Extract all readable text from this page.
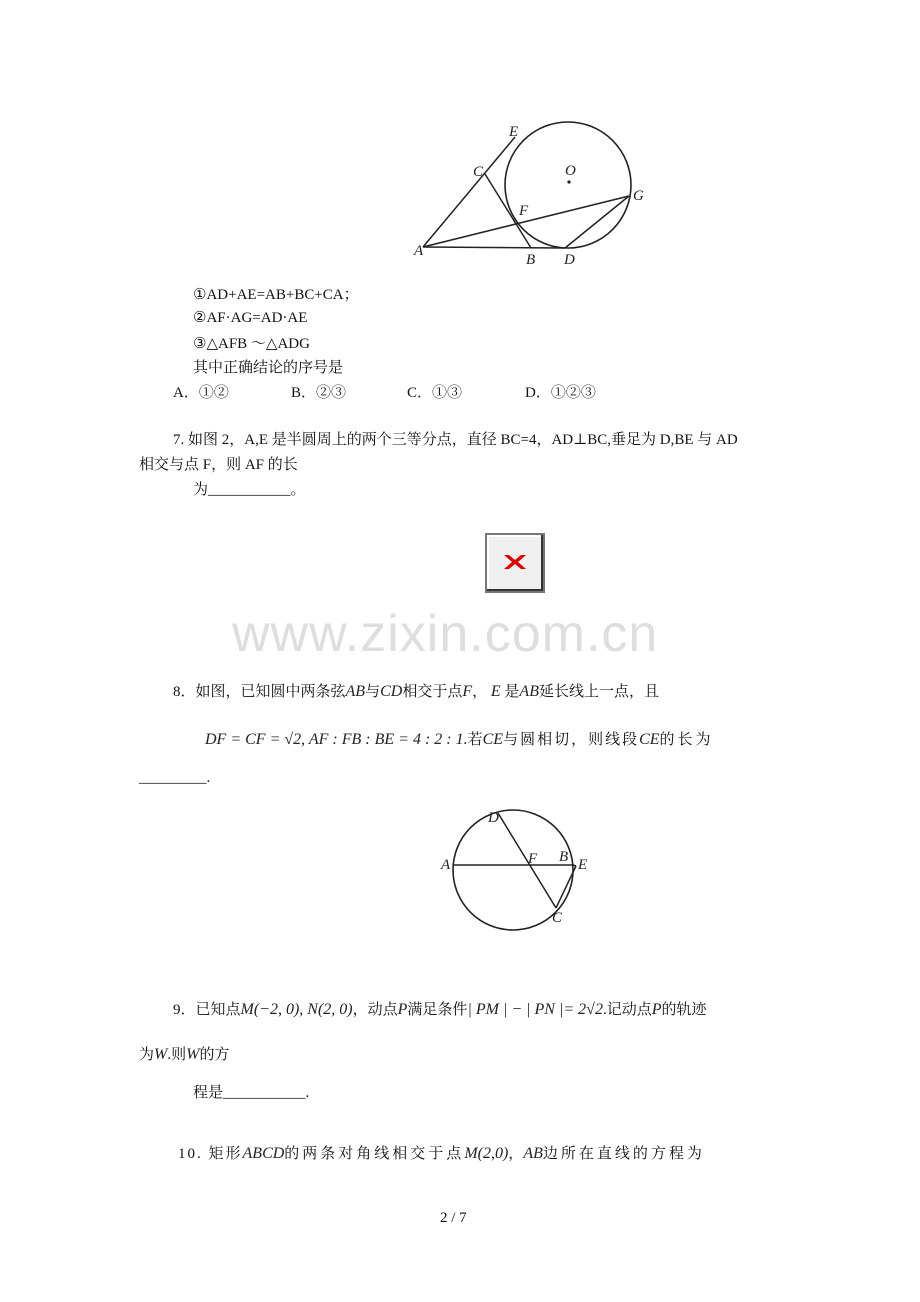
E
C	O
G
F
A
B D
①AD+AE=AB+BC+CA；
②AF·AG=AD·AE
③△AFB ～△ADG
其中正确结论的序号是
A．①②	B．②③	C．①③	D．①②③
7. 如图 2，A,E 是半圆周上的两个三等分点，直径 BC=4，AD⊥BC,垂足为 D,BE 与 AD
相交与点 F，则 AF 的长
为___________。
www.zixin.com.cn
8．如图，已知圆中两条弦AB与CD相交于点F， E 是AB延长线上一点，且
DF = CF = √2, AF : FB : BE = 4 : 2 : 1.若CE与圆相切，则线段CE的长为
_________.
D
A	F B E
C
9．已知点M(−2, 0), N(2, 0)，动点P满足条件| PM | − | PN |= 2√2.记动点P的轨迹
为W.则W的方
程是___________.
10. 矩形ABCD的两条对角线相交于点M(2,0)，AB边所在直线的方程为
2 / 7
